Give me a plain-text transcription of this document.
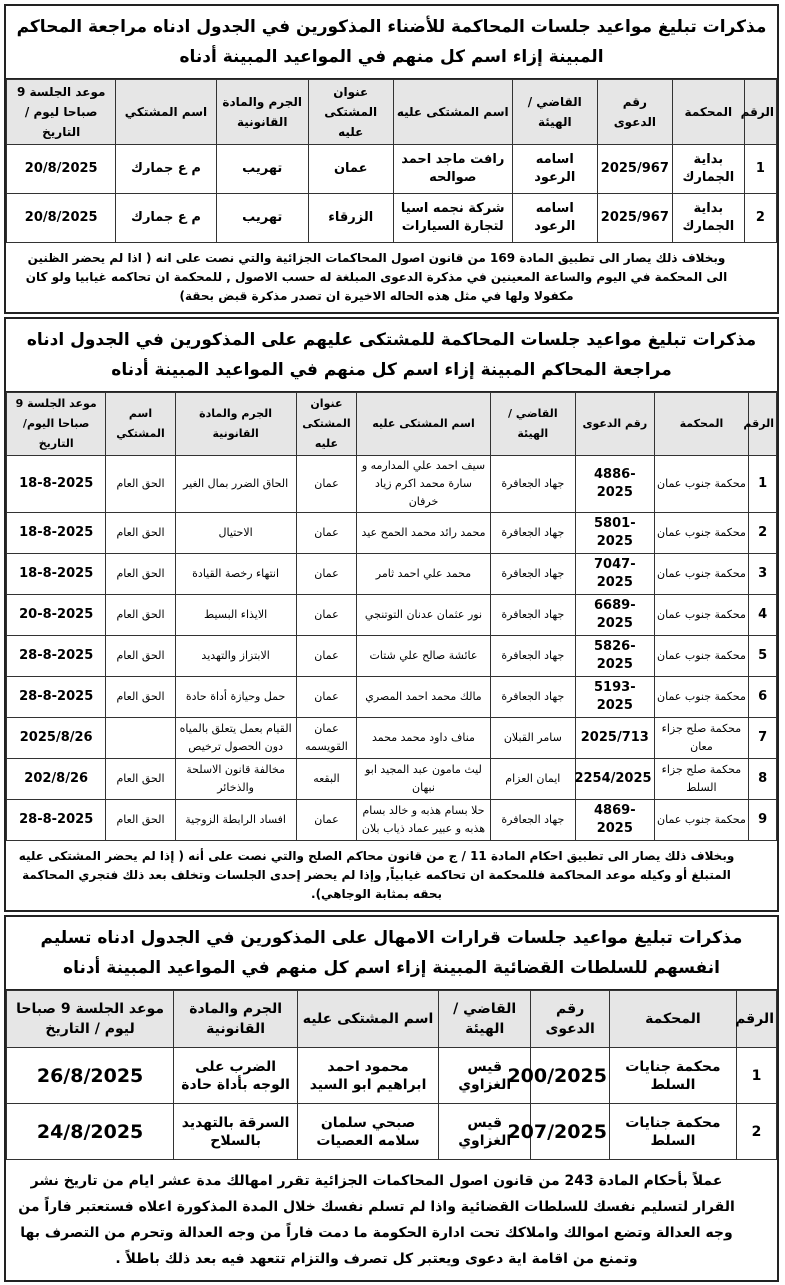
مذكرات تبليغ مواعيد جلسات المحاكمة للأضناء المذكورين في الجدول ادناه مراجعة المحاكم المبينة إزاء اسم كل منهم في المواعيد المبينة أدناه
الرقم	المحكمة	رقم الدعوى	القاضي / الهيئة	اسم المشتكى عليه	عنوان المشتكى عليه	الجرم والمادة القانونية	اسم المشتكي	موعد الجلسة 9 صباحا ليوم / التاريخ
1	بداية الجمارك	2025/967	اسامه الرعود	رافت ماجد احمد صوالحه	عمان	تهريب	م ع جمارك	20/8/2025
2	بداية الجمارك	2025/967	اسامه الرعود	شركة نجمه اسيا لتجارة السيارات	الزرقاء	تهريب	م ع جمارك	20/8/2025
وبخلاف ذلك يصار الى تطبيق المادة 169 من قانون اصول المحاكمات الجزائية والتي نصت على انه ( اذا لم يحضر الظنين الى المحكمة في اليوم والساعة المعينين في مذكرة الدعوى المبلغة له حسب الاصول , للمحكمة ان تحاكمه غيابيا ولو كان مكفولا ولها في مثل هذه الحاله الاخيرة ان تصدر مذكرة قبض بحقة)
مذكرات تبليغ مواعيد جلسات المحاكمة للمشتكى عليهم على المذكورين في الجدول ادناه مراجعة المحاكم المبينة إزاء اسم كل منهم في المواعيد المبينة أدناه
الرقم	المحكمة	رقم الدعوى	القاضي / الهيئة	اسم المشتكى عليه	عنوان المشتكى عليه	الجرم والمادة القانونية	اسم المشتكي	موعد الجلسة 9 صباحا اليوم/التاريخ
1	محكمة جنوب عمان	4886-2025	جهاد الجعافرة	سيف احمد علي المدارمه و سارة محمد اكرم زياد خرفان	عمان	الحاق الضرر بمال الغير	الحق العام	18-8-2025
2	محكمة جنوب عمان	5801-2025	جهاد الجعافرة	محمد رائد محمد الحمح عيد	عمان	الاحتيال	الحق العام	18-8-2025
3	محكمة جنوب عمان	7047-2025	جهاد الجعافرة	محمد علي احمد ثامر	عمان	انتهاء رخصة القيادة	الحق العام	18-8-2025
4	محكمة جنوب عمان	6689-2025	جهاد الجعافرة	نور عثمان عدنان التوتنجي	عمان	الايذاء البسيط	الحق العام	20-8-2025
5	محكمة جنوب عمان	5826-2025	جهاد الجعافرة	عائشة صالح علي شتات	عمان	الابتزاز والتهديد	الحق العام	28-8-2025
6	محكمة جنوب عمان	5193-2025	جهاد الجعافرة	مالك محمد احمد المصري	عمان	حمل وحيازة أداة حادة	الحق العام	28-8-2025
7	محكمة صلح جزاء معان	2025/713	سامر القبلان	مناف داود محمد محمد	عمان القويسمه	القيام بعمل يتعلق بالمياه دون الحصول ترخيص		2025/8/26
8	محكمة صلح جزاء السلط	2254/2025	ايمان العزام	ليث مامون عبد المجيد ابو نبهان	البقعه	مخالفة قانون الاسلحة والذخائر	الحق العام	202/8/26
9	محكمة جنوب عمان	4869-2025	جهاد الجعافرة	حلا بسام هذبه و خالد بسام هذبه و عبير عماد ذياب بلان	عمان	افساد الرابطة الزوجية	الحق العام	28-8-2025
وبخلاف ذلك يصار الى تطبيق احكام المادة 11 / ج من قانون محاكم الصلح والتي نصت على أنه ( إذا لم يحضر المشتكى عليه المتبلغ أو وكيله موعد المحاكمة فللمحكمة ان تحاكمه غيابياً, وإذا لم يحضر إحدى الجلسات وتخلف بعد ذلك فتجري المحاكمة بحقه بمثابة الوجاهي).
مذكرات تبليغ مواعيد جلسات قرارات الامهال على المذكورين في الجدول ادناه تسليم انفسهم للسلطات القضائية المبينة إزاء اسم كل منهم في المواعيد المبينة أدناه
الرقم	المحكمة	رقم الدعوى	القاضي / الهيئة	اسم المشتكى عليه	الجرم والمادة القانونية	موعد الجلسة 9 صباحا ليوم / التاريخ
1	محكمة جنايات السلط	200/2025	قيس الغزاوي	محمود احمد ابراهيم ابو السيد	الضرب على الوجه بأداة حادة	26/8/2025
2	محكمة جنايات السلط	207/2025	قيس الغزاوي	صبحي سلمان سلامه العصيات	السرقة بالتهديد بالسلاح	24/8/2025
عملاً بأحكام المادة 243 من قانون اصول المحاكمات الجزائية تقرر امهالك مدة عشر ايام من تاريخ نشر القرار لتسليم نفسك للسلطات القضائية واذا لم تسلم نفسك خلال المدة المذكورة اعلاه فستعتبر فاراً من وجه العدالة وتضع اموالك واملاكك تحت ادارة الحكومة ما دمت فاراً من وجه العدالة وتحرم من التصرف بها وتمنع من اقامة اية دعوى ويعتبر كل تصرف والتزام تتعهد فيه بعد ذلك باطلاً .
